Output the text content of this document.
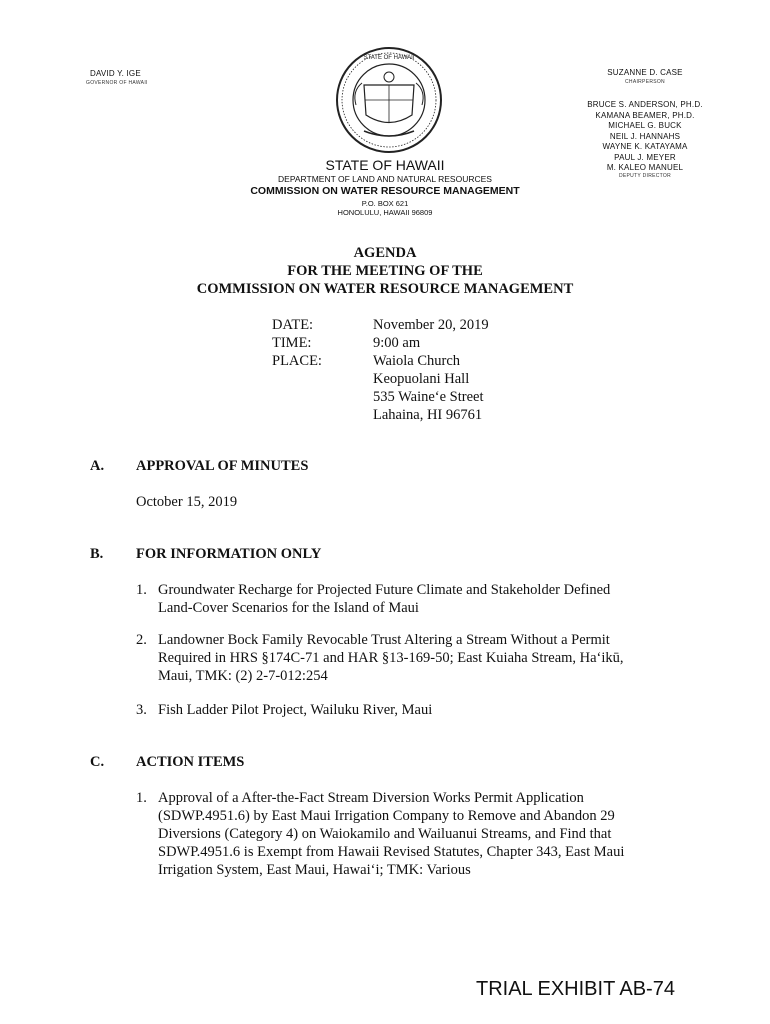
DAVID Y. IGE
GOVERNOR OF HAWAII
STATE OF HAWAII
SUZANNE D. CASE
CHAIRPERSON
BRUCE S. ANDERSON, PH.D.
KAMANA BEAMER, PH.D.
MICHAEL G. BUCK
NEIL J. HANNAHS
WAYNE K. KATAYAMA
PAUL J. MEYER
M. KALEO MANUEL
DEPUTY DIRECTOR
STATE OF HAWAII
DEPARTMENT OF LAND AND NATURAL RESOURCES
COMMISSION ON WATER RESOURCE MANAGEMENT
P.O. BOX 621
HONOLULU, HAWAII 96809
AGENDA
FOR THE MEETING OF THE
COMMISSION ON WATER RESOURCE MANAGEMENT
DATE:
TIME:
PLACE:
November 20, 2019
9:00 am
Waiola Church
Keopuolani Hall
535 Waine‘e Street
Lahaina, HI 96761
A. APPROVAL OF MINUTES
October 15, 2019
B. FOR INFORMATION ONLY
1. Groundwater Recharge for Projected Future Climate and Stakeholder Defined
Land-Cover Scenarios for the Island of Maui
2. Landowner Bock Family Revocable Trust Altering a Stream Without a Permit
Required in HRS §174C-71 and HAR §13-169-50; East Kuiaha Stream, Ha‘ikū,
Maui, TMK: (2) 2-7-012:254
3. Fish Ladder Pilot Project, Wailuku River, Maui
C. ACTION ITEMS
1. Approval of a After-the-Fact Stream Diversion Works Permit Application
(SDWP.4951.6) by East Maui Irrigation Company to Remove and Abandon 29
Diversions (Category 4) on Waiokamilo and Wailuanui Streams, and Find that
SDWP.4951.6 is Exempt from Hawaii Revised Statutes, Chapter 343, East Maui
Irrigation System, East Maui, Hawai‘i; TMK: Various
TRIAL EXHIBIT AB-74
